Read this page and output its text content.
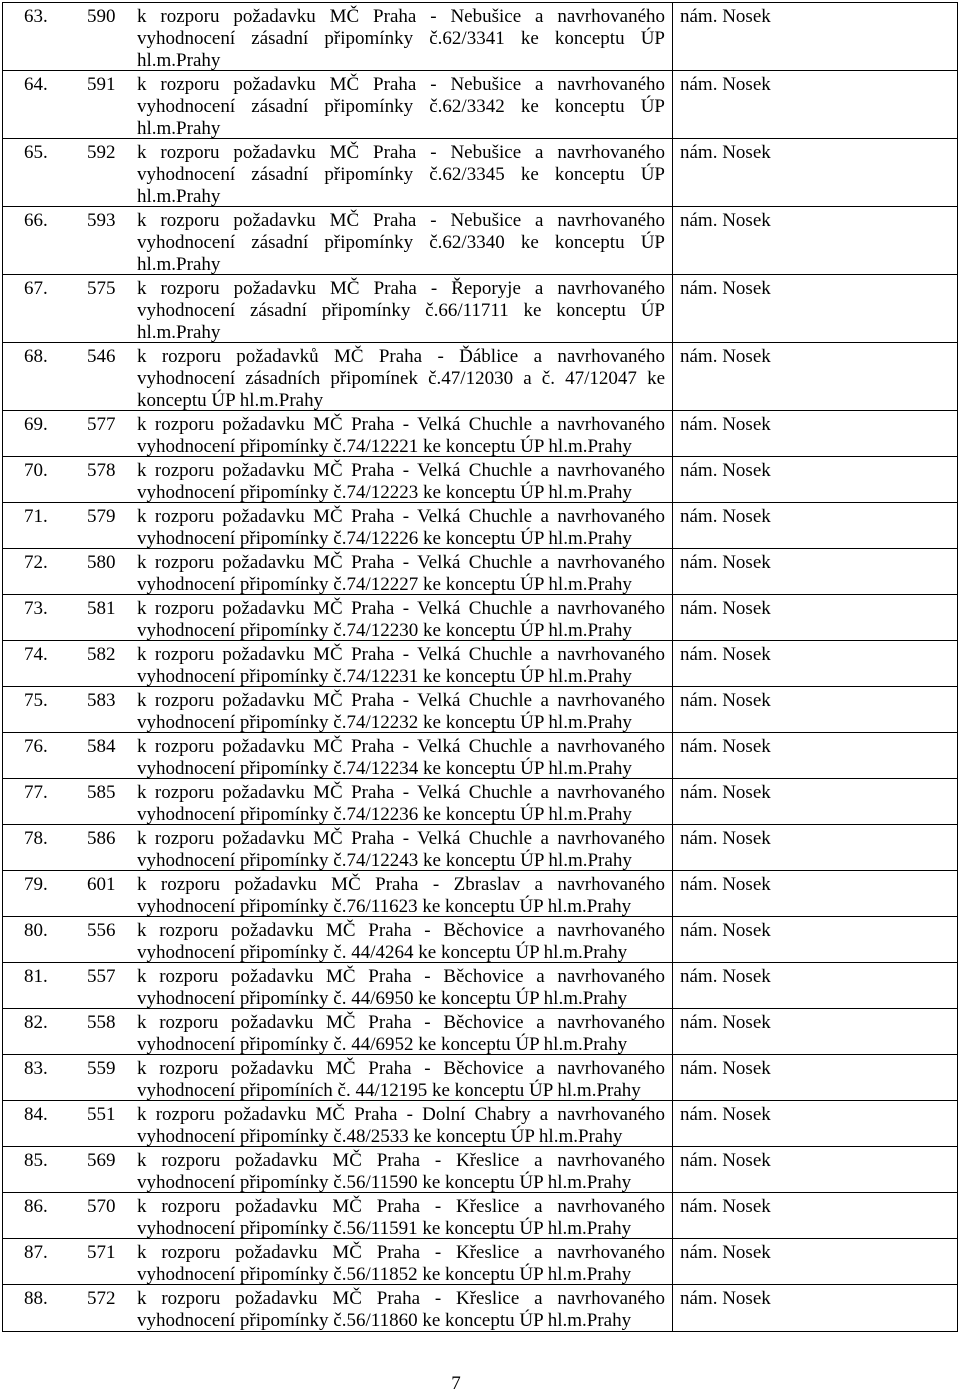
63. 590 k rozporu požadavku MČ Praha - Nebušice a navrhovaného
vyhodnocení zásadní připomínky č.62/3341 ke konceptu ÚP
hl.m.Prahy
nám. Nosek
64. 591 k rozporu požadavku MČ Praha - Nebušice a navrhovaného
vyhodnocení zásadní připomínky č.62/3342 ke konceptu ÚP
hl.m.Prahy
nám. Nosek
65. 592 k rozporu požadavku MČ Praha - Nebušice a navrhovaného
vyhodnocení zásadní připomínky č.62/3345 ke konceptu ÚP
hl.m.Prahy
nám. Nosek
66. 593 k rozporu požadavku MČ Praha - Nebušice a navrhovaného
vyhodnocení zásadní připomínky č.62/3340 ke konceptu ÚP
hl.m.Prahy
nám. Nosek
67. 575 k rozporu požadavku MČ Praha - Řeporyje a navrhovaného
vyhodnocení zásadní připomínky č.66/11711 ke konceptu ÚP
hl.m.Prahy
nám. Nosek
68. 546 k rozporu požadavků MČ Praha - Ďáblice a navrhovaného
vyhodnocení zásadních připomínek č.47/12030 a č. 47/12047 ke
konceptu ÚP hl.m.Prahy
nám. Nosek
69. 577 k rozporu požadavku MČ Praha - Velká Chuchle a navrhovaného
vyhodnocení připomínky č.74/12221 ke konceptu ÚP hl.m.Prahy
nám. Nosek
70. 578 k rozporu požadavku MČ Praha - Velká Chuchle a navrhovaného
vyhodnocení připomínky č.74/12223 ke konceptu ÚP hl.m.Prahy
nám. Nosek
71. 579 k rozporu požadavku MČ Praha - Velká Chuchle a navrhovaného
vyhodnocení připomínky č.74/12226 ke konceptu ÚP hl.m.Prahy
nám. Nosek
72. 580 k rozporu požadavku MČ Praha - Velká Chuchle a navrhovaného
vyhodnocení připomínky č.74/12227 ke konceptu ÚP hl.m.Prahy
nám. Nosek
73. 581 k rozporu požadavku MČ Praha - Velká Chuchle a navrhovaného
vyhodnocení připomínky č.74/12230 ke konceptu ÚP hl.m.Prahy
nám. Nosek
74. 582 k rozporu požadavku MČ Praha - Velká Chuchle a navrhovaného
vyhodnocení připomínky č.74/12231 ke konceptu ÚP hl.m.Prahy
nám. Nosek
75. 583 k rozporu požadavku MČ Praha - Velká Chuchle a navrhovaného
vyhodnocení připomínky č.74/12232 ke konceptu ÚP hl.m.Prahy
nám. Nosek
76. 584 k rozporu požadavku MČ Praha - Velká Chuchle a navrhovaného
vyhodnocení připomínky č.74/12234 ke konceptu ÚP hl.m.Prahy
nám. Nosek
77. 585 k rozporu požadavku MČ Praha - Velká Chuchle a navrhovaného
vyhodnocení připomínky č.74/12236 ke konceptu ÚP hl.m.Prahy
nám. Nosek
78. 586 k rozporu požadavku MČ Praha - Velká Chuchle a navrhovaného
vyhodnocení připomínky č.74/12243 ke konceptu ÚP hl.m.Prahy
nám. Nosek
79. 601 k rozporu požadavku MČ Praha - Zbraslav a navrhovaného
vyhodnocení připomínky č.76/11623 ke konceptu ÚP hl.m.Prahy
nám. Nosek
80. 556 k rozporu požadavku MČ Praha - Běchovice a navrhovaného
vyhodnocení připomínky č. 44/4264 ke konceptu ÚP hl.m.Prahy
nám. Nosek
81. 557 k rozporu požadavku MČ Praha - Běchovice a navrhovaného
vyhodnocení připomínky č. 44/6950 ke konceptu ÚP hl.m.Prahy
nám. Nosek
82. 558 k rozporu požadavku MČ Praha - Běchovice a navrhovaného
vyhodnocení připomínky č. 44/6952 ke konceptu ÚP hl.m.Prahy
nám. Nosek
83. 559 k rozporu požadavku MČ Praha - Běchovice a navrhovaného
vyhodnocení připomíních č. 44/12195 ke konceptu ÚP hl.m.Prahy
nám. Nosek
84. 551 k rozporu požadavku MČ Praha - Dolní Chabry a navrhovaného
vyhodnocení připomínky č.48/2533 ke konceptu ÚP hl.m.Prahy
nám. Nosek
85. 569 k rozporu požadavku MČ Praha - Křeslice a navrhovaného
vyhodnocení připomínky č.56/11590 ke konceptu ÚP hl.m.Prahy
nám. Nosek
86. 570 k rozporu požadavku MČ Praha - Křeslice a navrhovaného
vyhodnocení připomínky č.56/11591 ke konceptu ÚP hl.m.Prahy
nám. Nosek
87. 571 k rozporu požadavku MČ Praha - Křeslice a navrhovaného
vyhodnocení připomínky č.56/11852 ke konceptu ÚP hl.m.Prahy
nám. Nosek
88. 572 k rozporu požadavku MČ Praha - Křeslice a navrhovaného
vyhodnocení připomínky č.56/11860 ke konceptu ÚP hl.m.Prahy
nám. Nosek
7
